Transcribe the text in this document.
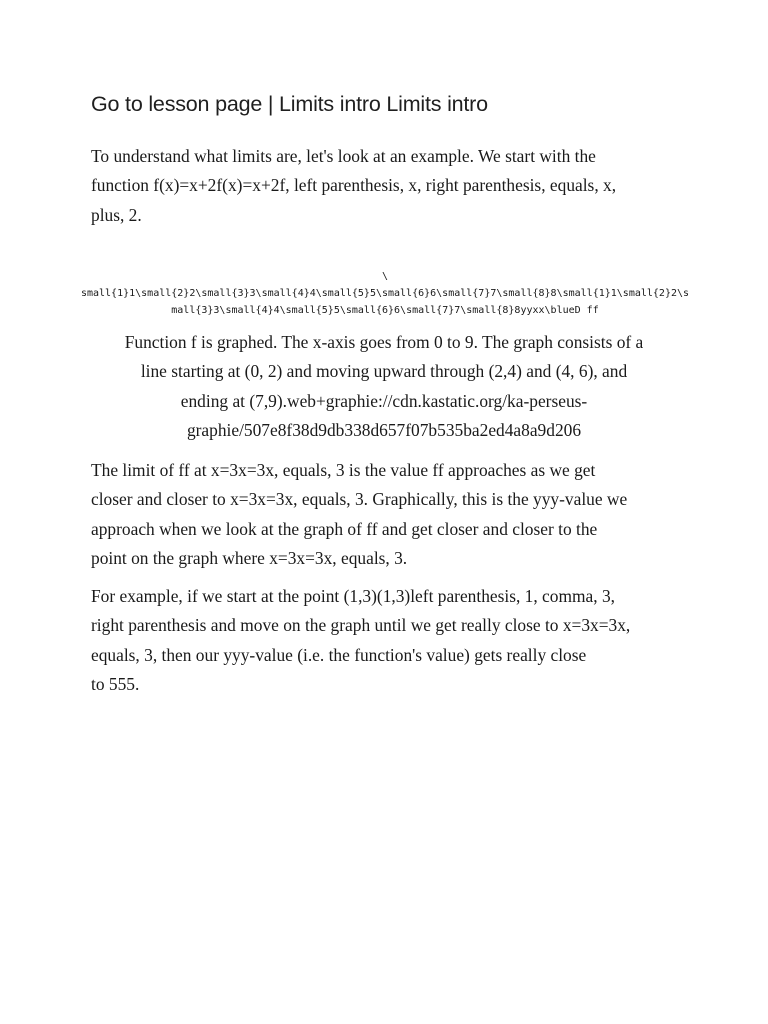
Go to lesson page | Limits intro Limits intro

To understand what limits are, let's look at an example. We start with the
function f(x)=x+2f(x)=x+2f, left parenthesis, x, right parenthesis, equals, x,
plus, 2.

\
small{1}1\small{2}2\small{3}3\small{4}4\small{5}5\small{6}6\small{7}7\small{8}8\small{1}1\small{2}2\s
mall{3}3\small{4}4\small{5}5\small{6}6\small{7}7\small{8}8yyxx\blueD ff
Function f is graphed. The x-axis goes from 0 to 9. The graph consists of a
line starting at (0, 2) and moving upward through (2,4) and (4, 6), and
ending at (7,9).web+graphie://cdn.kastatic.org/ka-perseus-
graphie/507e8f38d9db338d657f07b535ba2ed4a8a9d206

The limit of ff at x=3x=3x, equals, 3 is the value ff approaches as we get
closer and closer to x=3x=3x, equals, 3. Graphically, this is the yyy-value we
approach when we look at the graph of ff and get closer and closer to the
point on the graph where x=3x=3x, equals, 3.

For example, if we start at the point (1,3)(1,3)left parenthesis, 1, comma, 3,
right parenthesis and move on the graph until we get really close to x=3x=3x,
equals, 3, then our yyy-value (i.e. the function's value) gets really close
to 555.
